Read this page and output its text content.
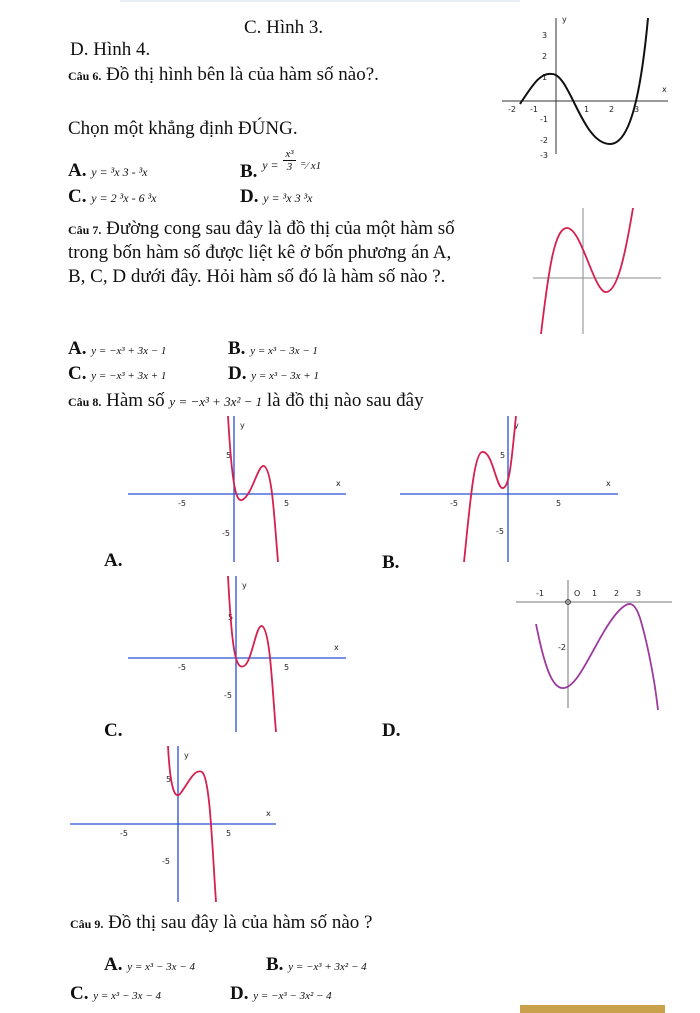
C. Hình 3.
D. Hình 4.
Câu 6. Đồ thị hình bên là của hàm số nào?.
Chọn một khẳng định ĐÚNG.
A. y = ³x 3 - ³x	B. $_{y =} \frac{\text{x³}}{3} _{^=⁄ x1}$
C. y = 2 ³x - 6 ³x	D. y = ³x 3 ³x
y
x
-2 -1	1 2 3
3
2
1
-1
-2
-3
Câu 7. Đường cong sau đây là đồ thị của một hàm số
trong bốn hàm số được liệt kê ở bốn phương án A,
B, C, D dưới đây. Hỏi hàm số đó là hàm số nào ?.
A. y = −x³ + 3x − 1	B. y = x³ − 3x − 1
C. y = −x³ + 3x + 1	D. y = x³ − 3x + 1
Câu 8. Hàm số y = −x³ + 3x² − 1 là đồ thị nào sau đây
y
x
-5	5
5
-5
A.
y
x
-5	5
5
-5
B.
y
x
-5	5
5
-5
C.
-1	O 1 2 3
-2
D.
y
x
-5	5
5
-5
Câu 9. Đồ thị sau đây là của hàm số nào ?
A. y = x³ − 3x − 4	B. y = −x³ + 3x² − 4
C. y = x³ − 3x − 4	D. y = −x³ − 3x² − 4
